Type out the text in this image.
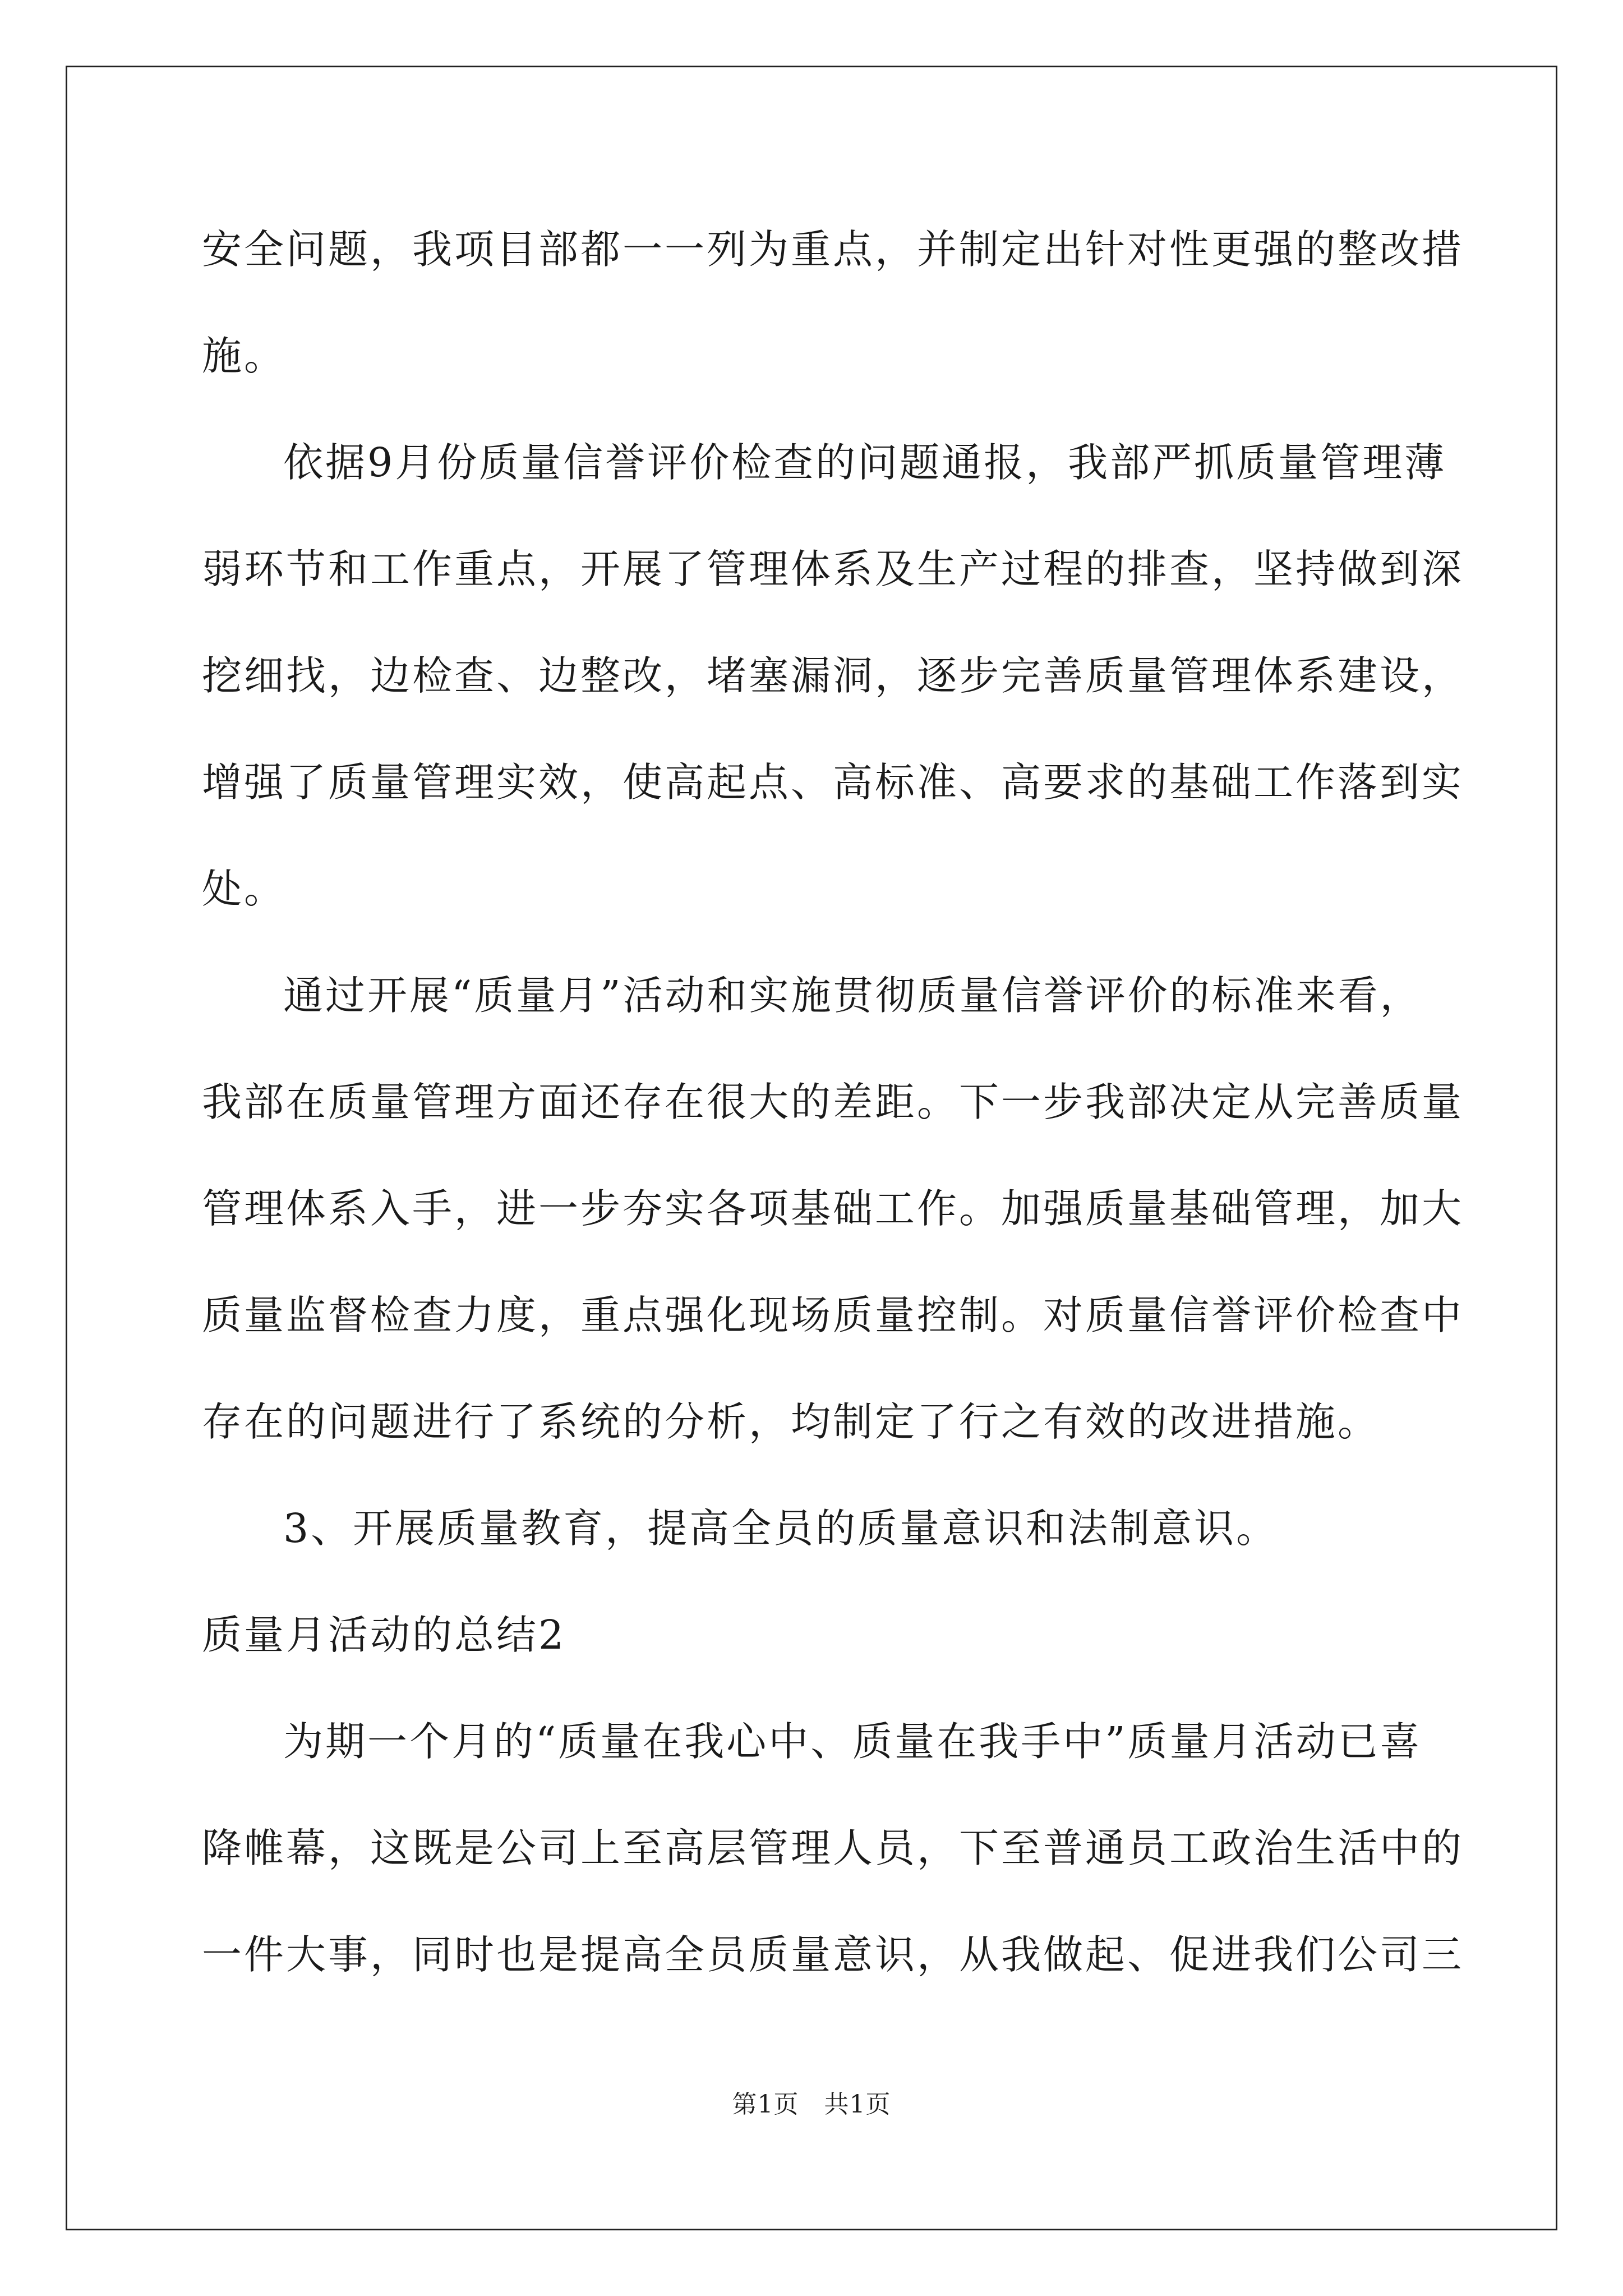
安全问题，我项目部都一一列为重点，并制定出针对性更强的整改措
施。
依据9月份质量信誉评价检查的问题通报，我部严抓质量管理薄
弱环节和工作重点，开展了管理体系及生产过程的排查，坚持做到深
挖细找，边检查、边整改，堵塞漏洞，逐步完善质量管理体系建设，
增强了质量管理实效，使高起点、高标准、高要求的基础工作落到实
处。
通过开展“质量月”活动和实施贯彻质量信誉评价的标准来看，
我部在质量管理方面还存在很大的差距。下一步我部决定从完善质量
管理体系入手，进一步夯实各项基础工作。加强质量基础管理，加大
质量监督检查力度，重点强化现场质量控制。对质量信誉评价检查中
存在的问题进行了系统的分析，均制定了行之有效的改进措施。
3、开展质量教育，提高全员的质量意识和法制意识。
质量月活动的总结2
为期一个月的“质量在我心中、质量在我手中”质量月活动已喜
降帷幕，这既是公司上至高层管理人员，下至普通员工政治生活中的
一件大事，同时也是提高全员质量意识，从我做起、促进我们公司三
第1页   共1页
